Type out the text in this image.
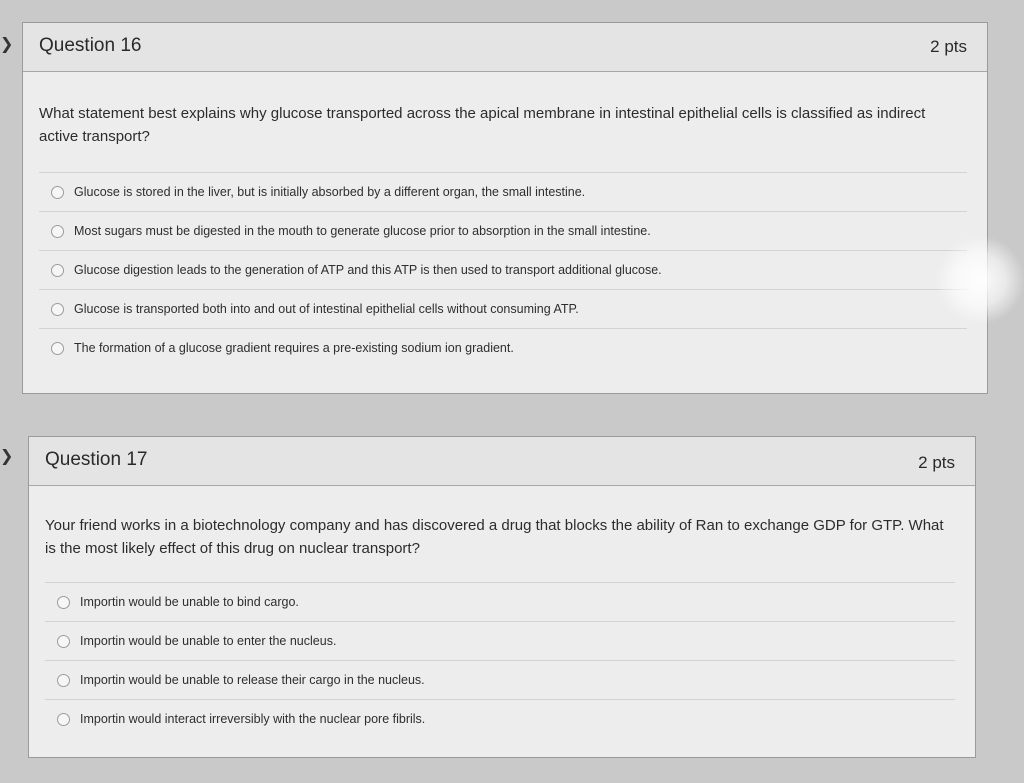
❯ Question 16	2 pts
What statement best explains why glucose transported across the apical membrane in intestinal epithelial cells is classified as indirect active transport?
Glucose is stored in the liver, but is initially absorbed by a different organ, the small intestine.
Most sugars must be digested in the mouth to generate glucose prior to absorption in the small intestine.
Glucose digestion leads to the generation of ATP and this ATP is then used to transport additional glucose.
Glucose is transported both into and out of intestinal epithelial cells without consuming ATP.
The formation of a glucose gradient requires a pre-existing sodium ion gradient.
❯ Question 17	2 pts
Your friend works in a biotechnology company and has discovered a drug that blocks the ability of Ran to exchange GDP for GTP. What is the most likely effect of this drug on nuclear transport?
Importin would be unable to bind cargo.
Importin would be unable to enter the nucleus.
Importin would be unable to release their cargo in the nucleus.
Importin would interact irreversibly with the nuclear pore fibrils.
